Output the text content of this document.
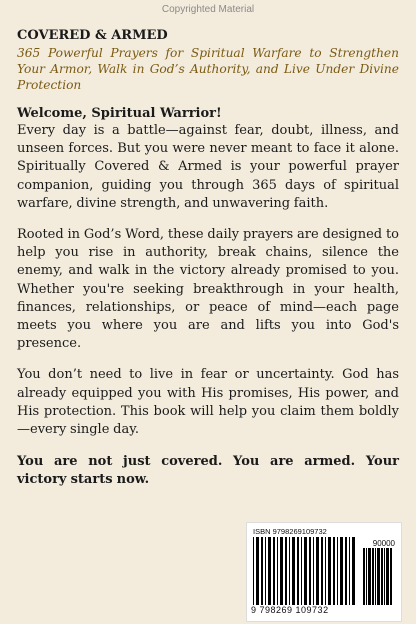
Copyrighted Material
COVERED & ARMED
365 Powerful Prayers for Spiritual Warfare to Strengthen Your Armor, Walk in God’s Authority, and Live Under Divine Protection
Welcome, Spiritual Warrior!

Every day is a battle—against fear, doubt, illness, and unseen forces. But you were never meant to face it alone. Spiritually Covered & Armed is your powerful prayer companion, guiding you through 365 days of spiritual warfare, divine strength, and unwavering faith.

Rooted in God’s Word, these daily prayers are designed to help you rise in authority, break chains, silence the enemy, and walk in the victory already promised to you. Whether you're seeking breakthrough in your health, finances, relationships, or peace of mind—each page meets you where you are and lifts you into God's presence.

You don’t need to live in fear or uncertainty. God has already equipped you with His promises, His power, and His protection. This book will help you claim them boldly—every single day.

You are not just covered. You are armed. Your victory starts now.

ISBN 9798269109732
90000
9 798269 109732
